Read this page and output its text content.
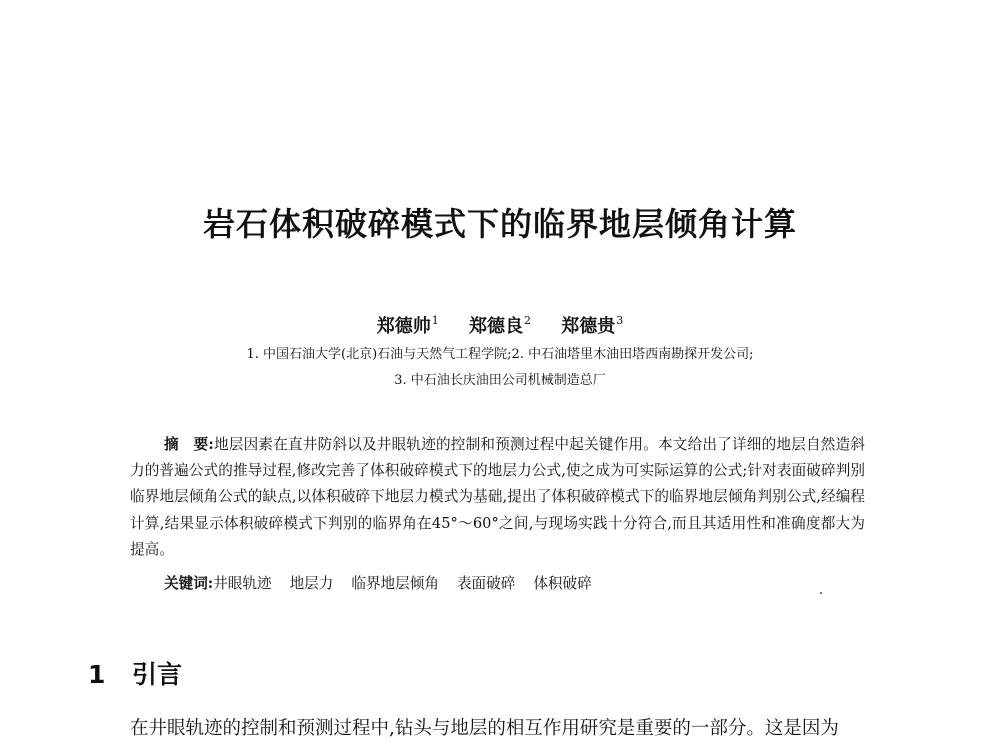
岩石体积破碎模式下的临界地层倾角计算
郑德帅$^1$ 郑德良$^2$ 郑德贵$^3$
1. 中国石油大学(北京)石油与天然气工程学院;2. 中石油塔里木油田塔西南勘探开发公司;
3. 中石油长庆油田公司机械制造总厂
摘　要:地层因素在直井防斜以及井眼轨迹的控制和预测过程中起关键作用。本文给出了详细的地层自然造斜力的普遍公式的推导过程,修改完善了体积破碎模式下的地层力公式,使之成为可实际运算的公式;针对表面破碎判别临界地层倾角公式的缺点,以体积破碎下地层力模式为基础,提出了体积破碎模式下的临界地层倾角判别公式,经编程计算,结果显示体积破碎模式下判别的临界角在45°～60°之间,与现场实践十分符合,而且其适用性和准确度都大为提高。
关键词:井眼轨迹 地层力 临界地层倾角 表面破碎 体积破碎
1 引言
在井眼轨迹的控制和预测过程中,钻头与地层的相互作用研究是重要的一部分。这是因为
